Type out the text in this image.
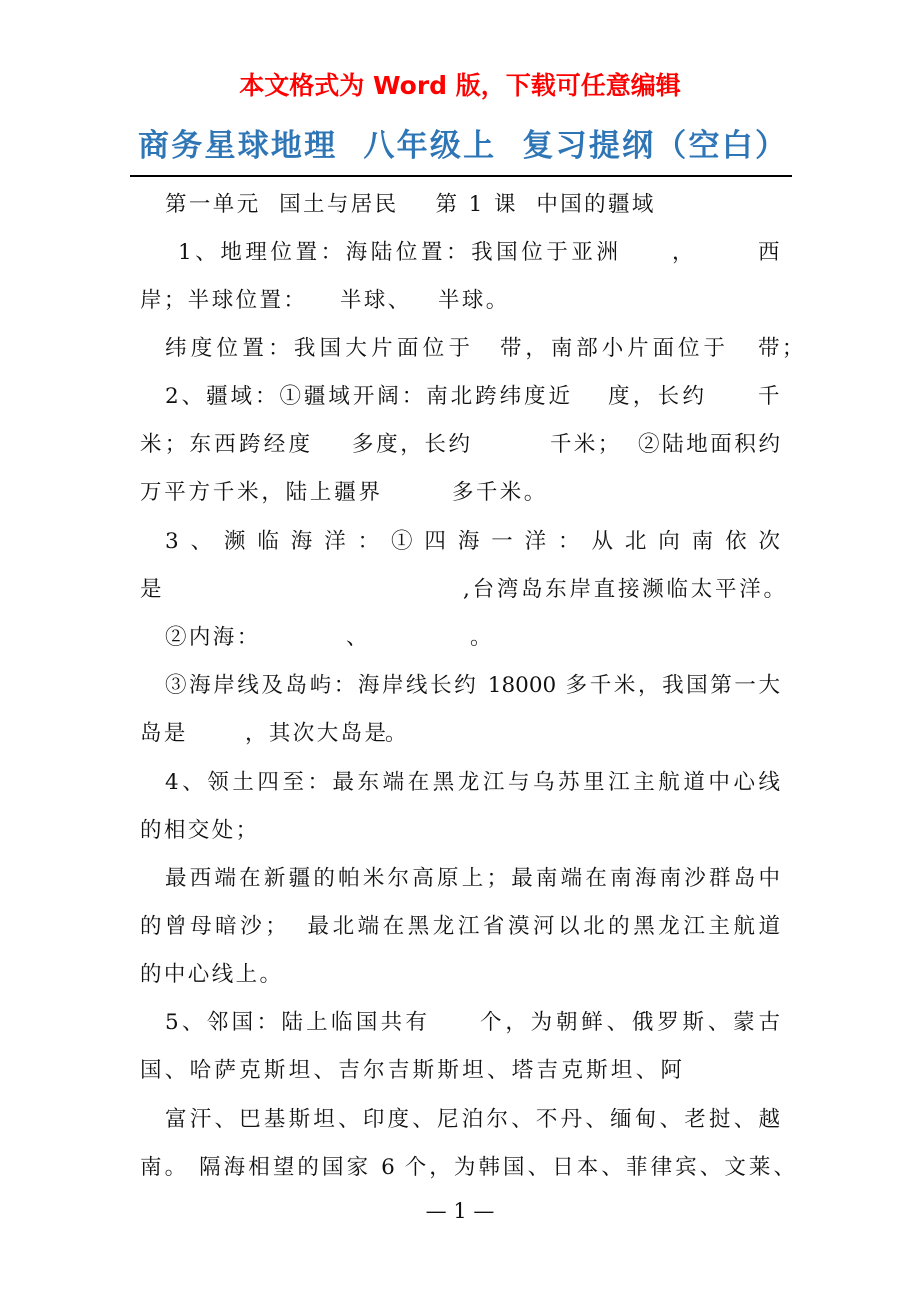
本文格式为 Word 版，下载可任意编辑
商务星球地理  八年级上  复习提纲（空白）
第一单元  国土与居民    第 1 课  中国的疆域
1、地理位置：海陆位置：我国位于亚洲	，	西
岸；半球位置： 半球、 半球。
纬度位置：我国大片面位于 带，南部小片面位于 带；
2、疆域：①疆域开阔：南北跨纬度近 度，长约	千
米；东西跨经度 多度，长约	千米； ②陆地面积约
万平方千米，陆上疆界	多千米。
3、濒临海洋：①四海一洋：从北向南依次
是	,台湾岛东岸直接濒临太平洋。
②内海：	、	。
③海岸线及岛屿：海岸线长约 18000 多千米，我国第一大
岛是	，其次大岛是
。
4、领土四至：最东端在黑龙江与乌苏里江主航道中心线
的相交处；
最西端在新疆的帕米尔高原上；最南端在南海南沙群岛中
的曾母暗沙；  最北端在黑龙江省漠河以北的黑龙江主航道
的中心线上。
5、邻国：陆上临国共有 个，为朝鲜、俄罗斯、蒙古
国、哈萨克斯坦、吉尔吉斯斯坦、塔吉克斯坦、阿
富汗、巴基斯坦、印度、尼泊尔、不丹、缅甸、老挝、越
南。 隔海相望的国家 6 个，为韩国、日本、菲律宾、文莱、
— 1 —
